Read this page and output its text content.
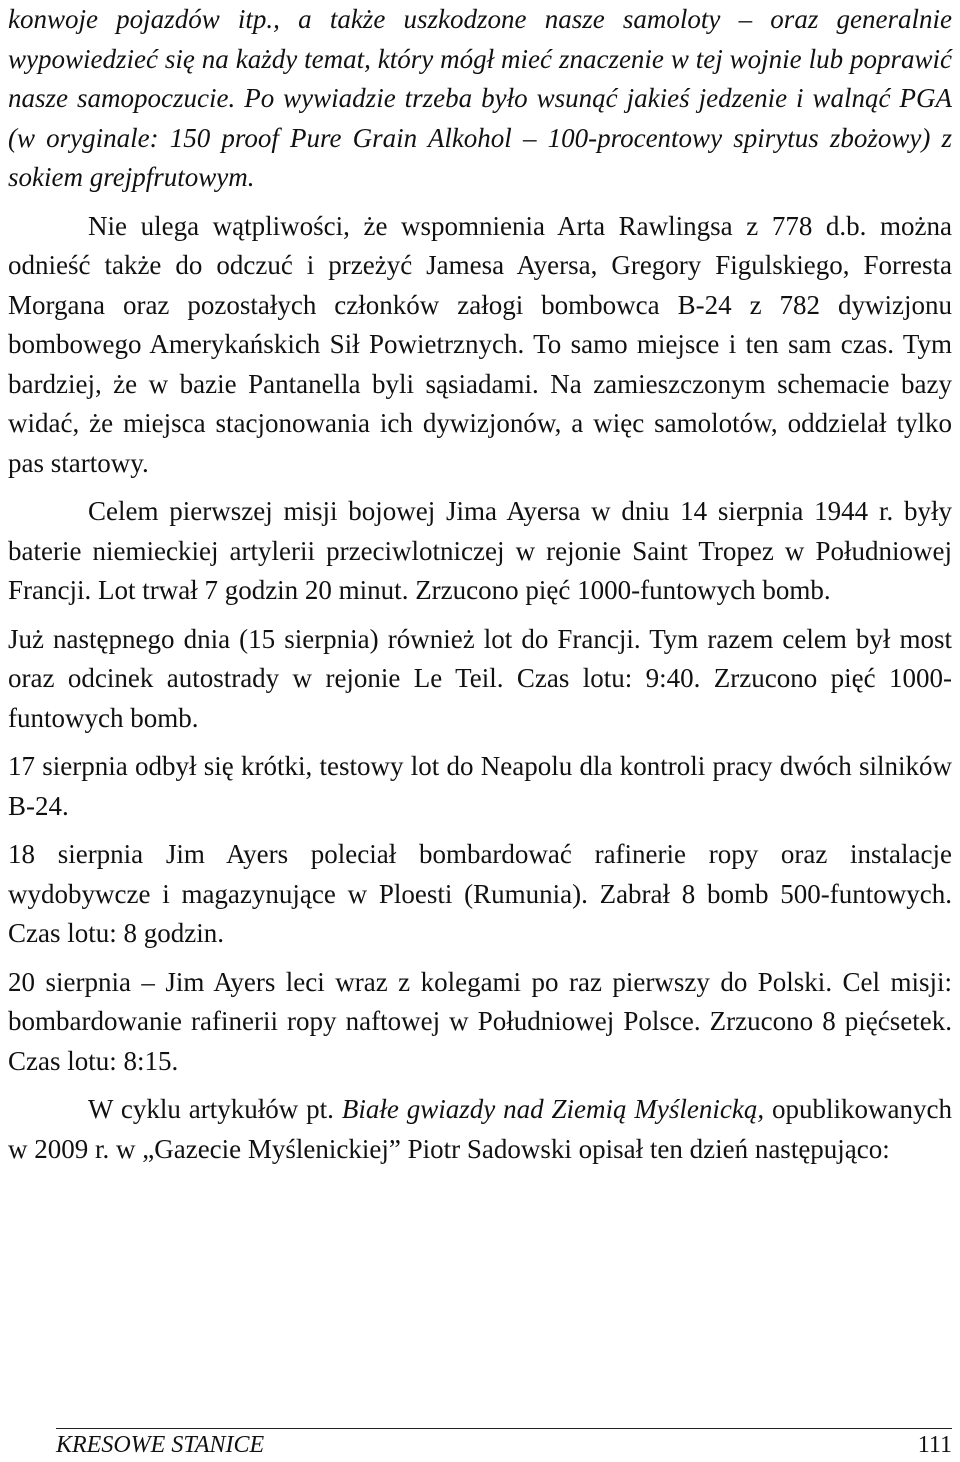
konwoje pojazdów itp., a także uszkodzone nasze samoloty – oraz generalnie wypowiedzieć się na każdy temat, który mógł mieć znaczenie w tej wojnie lub poprawić nasze samopoczucie. Po wywiadzie trzeba było wsunąć jakieś jedzenie i walnąć PGA (w oryginale: 150 proof Pure Grain Alkohol – 100-procentowy spirytus zbożowy) z sokiem grejpfrutowym.

Nie ulega wątpliwości, że wspomnienia Arta Rawlingsa z 778 d.b. można odnieść także do odczuć i przeżyć Jamesa Ayersa, Gregory Figulskiego, Forresta Morgana oraz pozostałych członków załogi bombowca B-24 z 782 dywizjonu bombowego Amerykańskich Sił Powietrznych. To samo miejsce i ten sam czas. Tym bardziej, że w bazie Pantanella byli sąsiadami. Na zamieszczonym schemacie bazy widać, że miejsca stacjonowania ich dywizjonów, a więc samolotów, oddzielał tylko pas startowy.

Celem pierwszej misji bojowej Jima Ayersa w dniu 14 sierpnia 1944 r. były baterie niemieckiej artylerii przeciwlotniczej w rejonie Saint Tropez w Południowej Francji. Lot trwał 7 godzin 20 minut. Zrzucono pięć 1000-funtowych bomb.

Już następnego dnia (15 sierpnia) również lot do Francji. Tym razem celem był most oraz odcinek autostrady w rejonie Le Teil. Czas lotu: 9:40. Zrzucono pięć 1000-funtowych bomb.

17 sierpnia odbył się krótki, testowy lot do Neapolu dla kontroli pracy dwóch silników B-24.

18 sierpnia Jim Ayers poleciał bombardować rafinerie ropy oraz instalacje wydobywcze i magazynujące w Ploesti (Rumunia). Zabrał 8 bomb 500-funtowych. Czas lotu: 8 godzin.

20 sierpnia – Jim Ayers leci wraz z kolegami po raz pierwszy do Polski. Cel misji: bombardowanie rafinerii ropy naftowej w Południowej Polsce. Zrzucono 8 pięćsetek. Czas lotu: 8:15.

W cyklu artykułów pt. Białe gwiazdy nad Ziemią Myślenicką, opublikowanych w 2009 r. w „Gazecie Myślenickiej” Piotr Sadowski opisał ten dzień następująco:

KRESOWE STANICE	111
